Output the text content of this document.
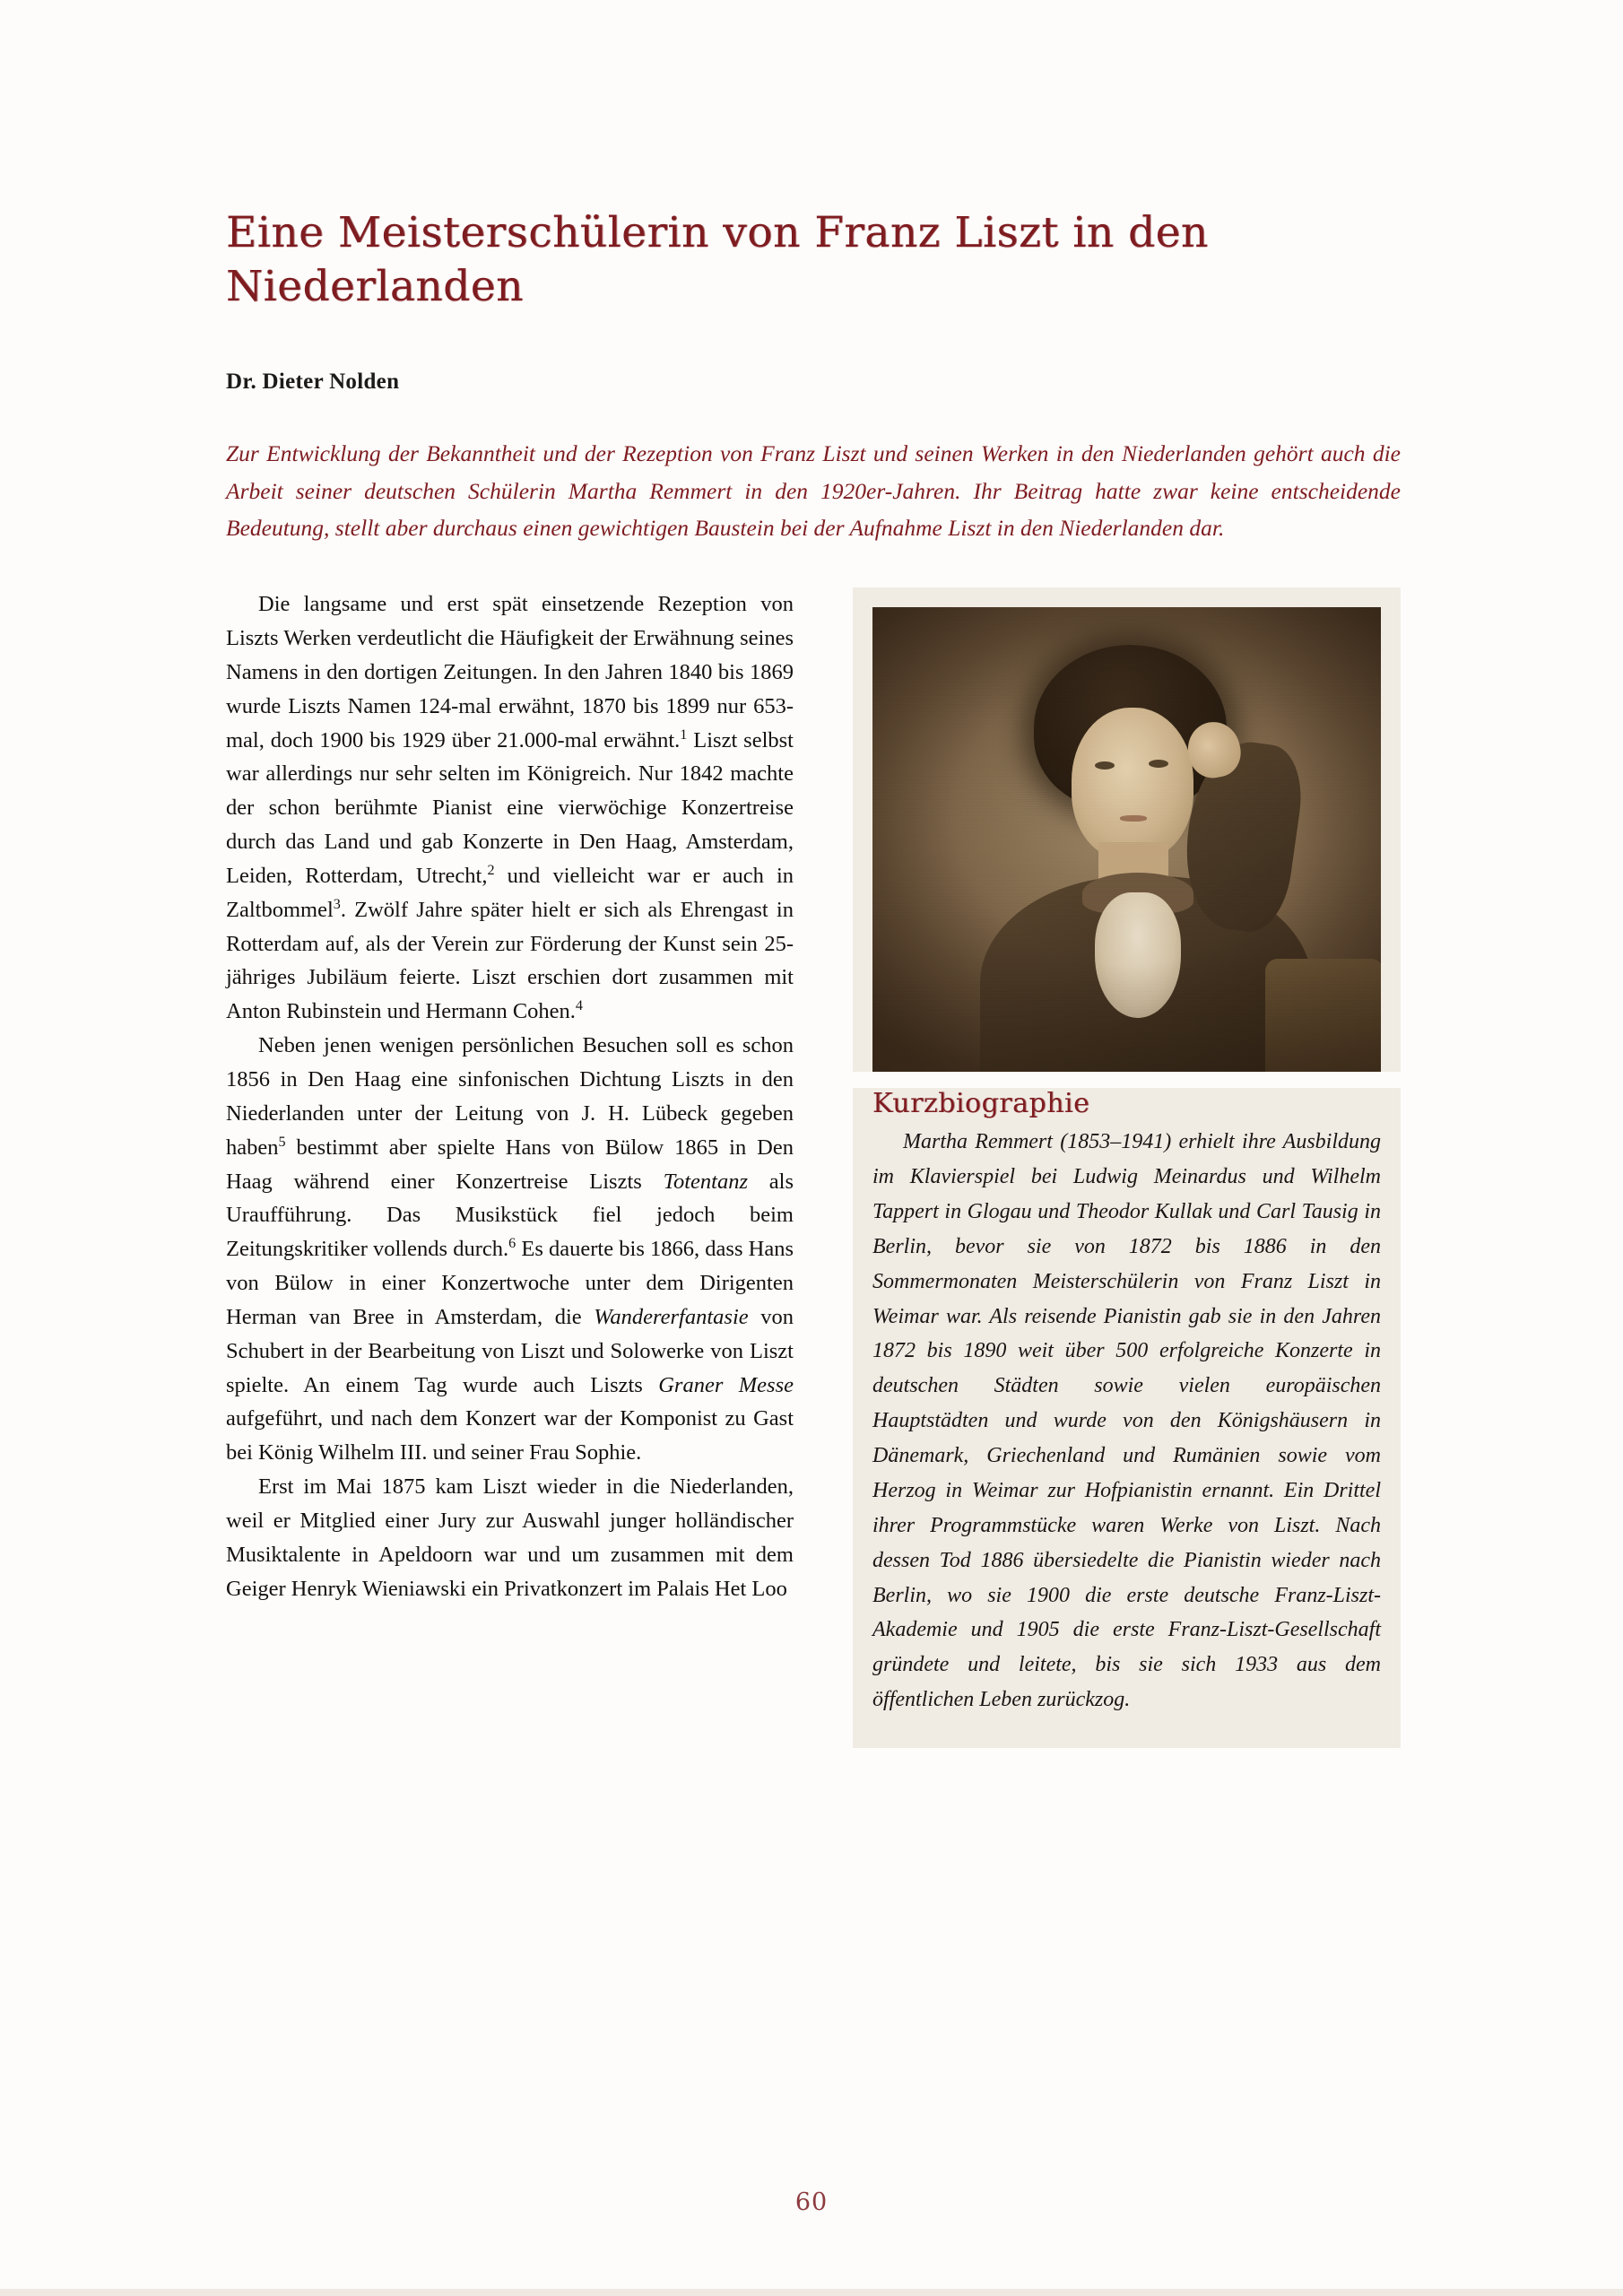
Eine Meisterschülerin von Franz Liszt in den Niederlanden
Dr. Dieter Nolden
Zur Entwicklung der Bekanntheit und der Rezeption von Franz Liszt und seinen Werken in den Niederlanden gehört auch die Arbeit seiner deutschen Schülerin Martha Remmert in den 1920er-Jahren. Ihr Beitrag hatte zwar keine entscheidende Bedeutung, stellt aber durchaus einen gewichtigen Baustein bei der Aufnahme Liszt in den Niederlanden dar.

Die langsame und erst spät einsetzende Rezeption von Liszts Werken verdeutlicht die Häufigkeit der Erwähnung seines Namens in den dortigen Zeitungen. In den Jahren 1840 bis 1869 wurde Liszts Namen 124-mal erwähnt, 1870 bis 1899 nur 653-mal, doch 1900 bis 1929 über 21.000-mal erwähnt.$^1$ Liszt selbst war allerdings nur sehr selten im Königreich. Nur 1842 machte der schon berühmte Pianist eine vierwöchige Konzertreise durch das Land und gab Konzerte in Den Haag, Amsterdam, Leiden, Rotterdam, Utrecht,$^2$ und vielleicht war er auch in Zaltbommel$^3$. Zwölf Jahre später hielt er sich als Ehrengast in Rotterdam auf, als der Verein zur Förderung der Kunst sein 25-jähriges Jubiläum feierte. Liszt erschien dort zusammen mit Anton Rubinstein und Hermann Cohen.$^4$

Neben jenen wenigen persönlichen Besuchen soll es schon 1856 in Den Haag eine sinfonischen Dichtung Liszts in den Niederlanden unter der Leitung von J. H. Lübeck gegeben haben$^5$ bestimmt aber spielte Hans von Bülow 1865 in Den Haag während einer Konzertreise Liszts Totentanz als Uraufführung. Das Musikstück fiel jedoch beim Zeitungskritiker vollends durch.$^6$ Es dauerte bis 1866, dass Hans von Bülow in einer Konzertwoche unter dem Dirigenten Herman van Bree in Amsterdam, die Wandererfantasie von Schubert in der Bearbeitung von Liszt und Solowerke von Liszt spielte. An einem Tag wurde auch Liszts Graner Messe aufgeführt, und nach dem Konzert war der Komponist zu Gast bei König Wilhelm III. und seiner Frau Sophie.

Erst im Mai 1875 kam Liszt wieder in die Niederlanden, weil er Mitglied einer Jury zur Auswahl junger holländischer Musiktalente in Apeldoorn war und um zusammen mit dem Geiger Henryk Wieniawski ein Privatkonzert im Palais Het Loo

Kurzbiographie

Martha Remmert (1853–1941) erhielt ihre Ausbildung im Klavierspiel bei Ludwig Meinardus und Wilhelm Tappert in Glogau und Theodor Kullak und Carl Tausig in Berlin, bevor sie von 1872 bis 1886 in den Sommermonaten Meisterschülerin von Franz Liszt in Weimar war. Als reisende Pianistin gab sie in den Jahren 1872 bis 1890 weit über 500 erfolgreiche Konzerte in deutschen Städten sowie vielen europäischen Hauptstädten und wurde von den Königshäusern in Dänemark, Griechenland und Rumänien sowie vom Herzog in Weimar zur Hofpianistin ernannt. Ein Drittel ihrer Programmstücke waren Werke von Liszt. Nach dessen Tod 1886 übersiedelte die Pianistin wieder nach Berlin, wo sie 1900 die erste deutsche Franz-Liszt-Akademie und 1905 die erste Franz-Liszt-Gesellschaft gründete und leitete, bis sie sich 1933 aus dem öffentlichen Leben zurückzog.

60
